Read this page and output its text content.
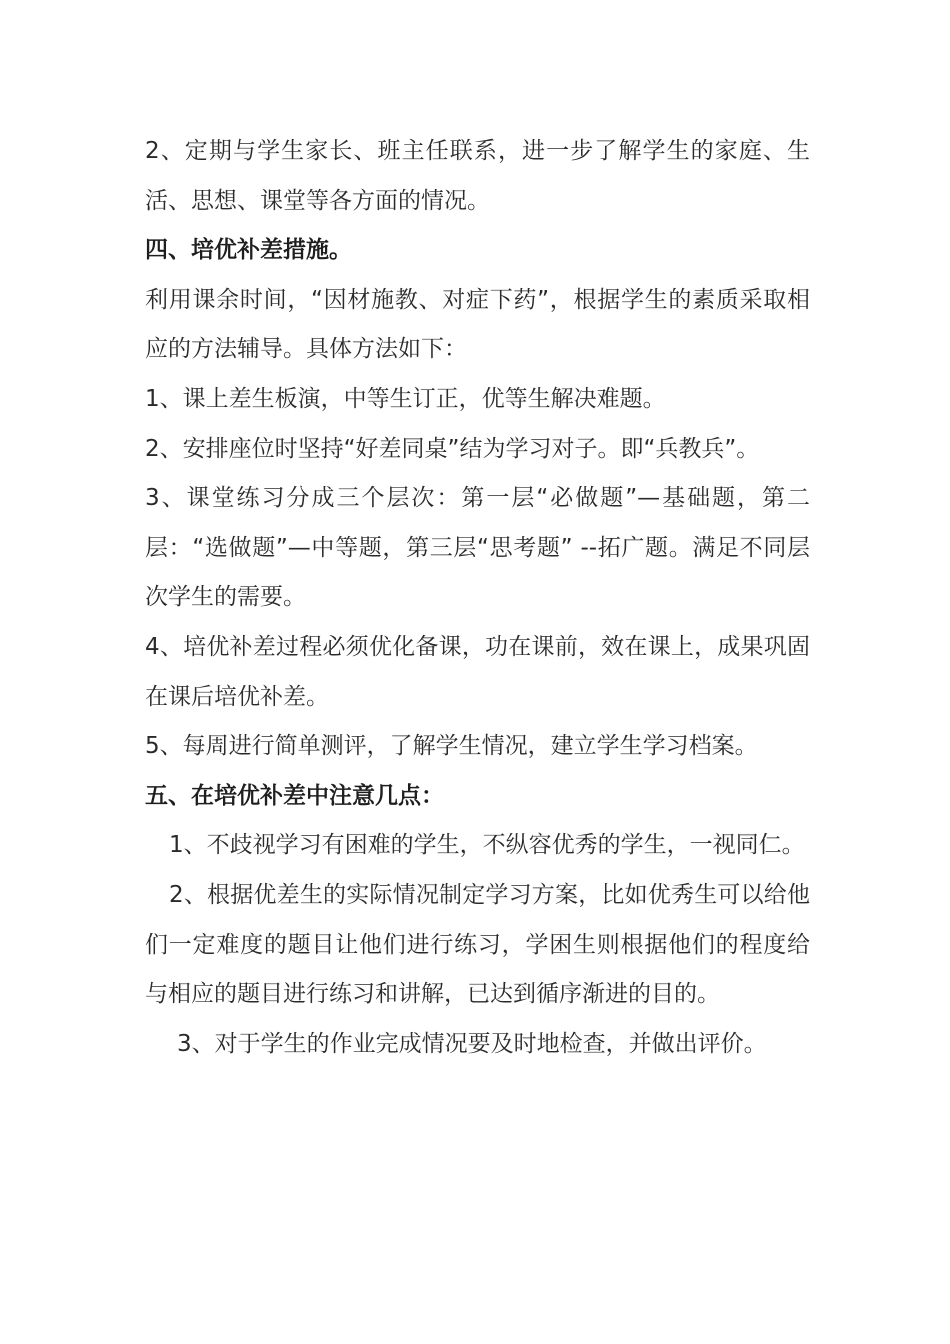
2、定期与学生家长、班主任联系，进一步了解学生的家庭、生活、思想、课堂等各方面的情况。

四、培优补差措施。

利用课余时间，“因材施教、对症下药”，根据学生的素质采取相应的方法辅导。具体方法如下：

1、课上差生板演，中等生订正，优等生解决难题。

2、安排座位时坚持“好差同桌”结为学习对子。即“兵教兵”。

3、课堂练习分成三个层次：第一层“必做题”—基础题，第二层：“选做题”—中等题，第三层“思考题” --拓广题。满足不同层次学生的需要。

4、培优补差过程必须优化备课，功在课前，效在课上，成果巩固在课后培优补差。

5、每周进行简单测评，了解学生情况，建立学生学习档案。

五、在培优补差中注意几点：

1、不歧视学习有困难的学生，不纵容优秀的学生，一视同仁。

2、根据优差生的实际情况制定学习方案，比如优秀生可以给他们一定难度的题目让他们进行练习，学困生则根据他们的程度给与相应的题目进行练习和讲解，已达到循序渐进的目的。

3、对于学生的作业完成情况要及时地检查，并做出评价。
